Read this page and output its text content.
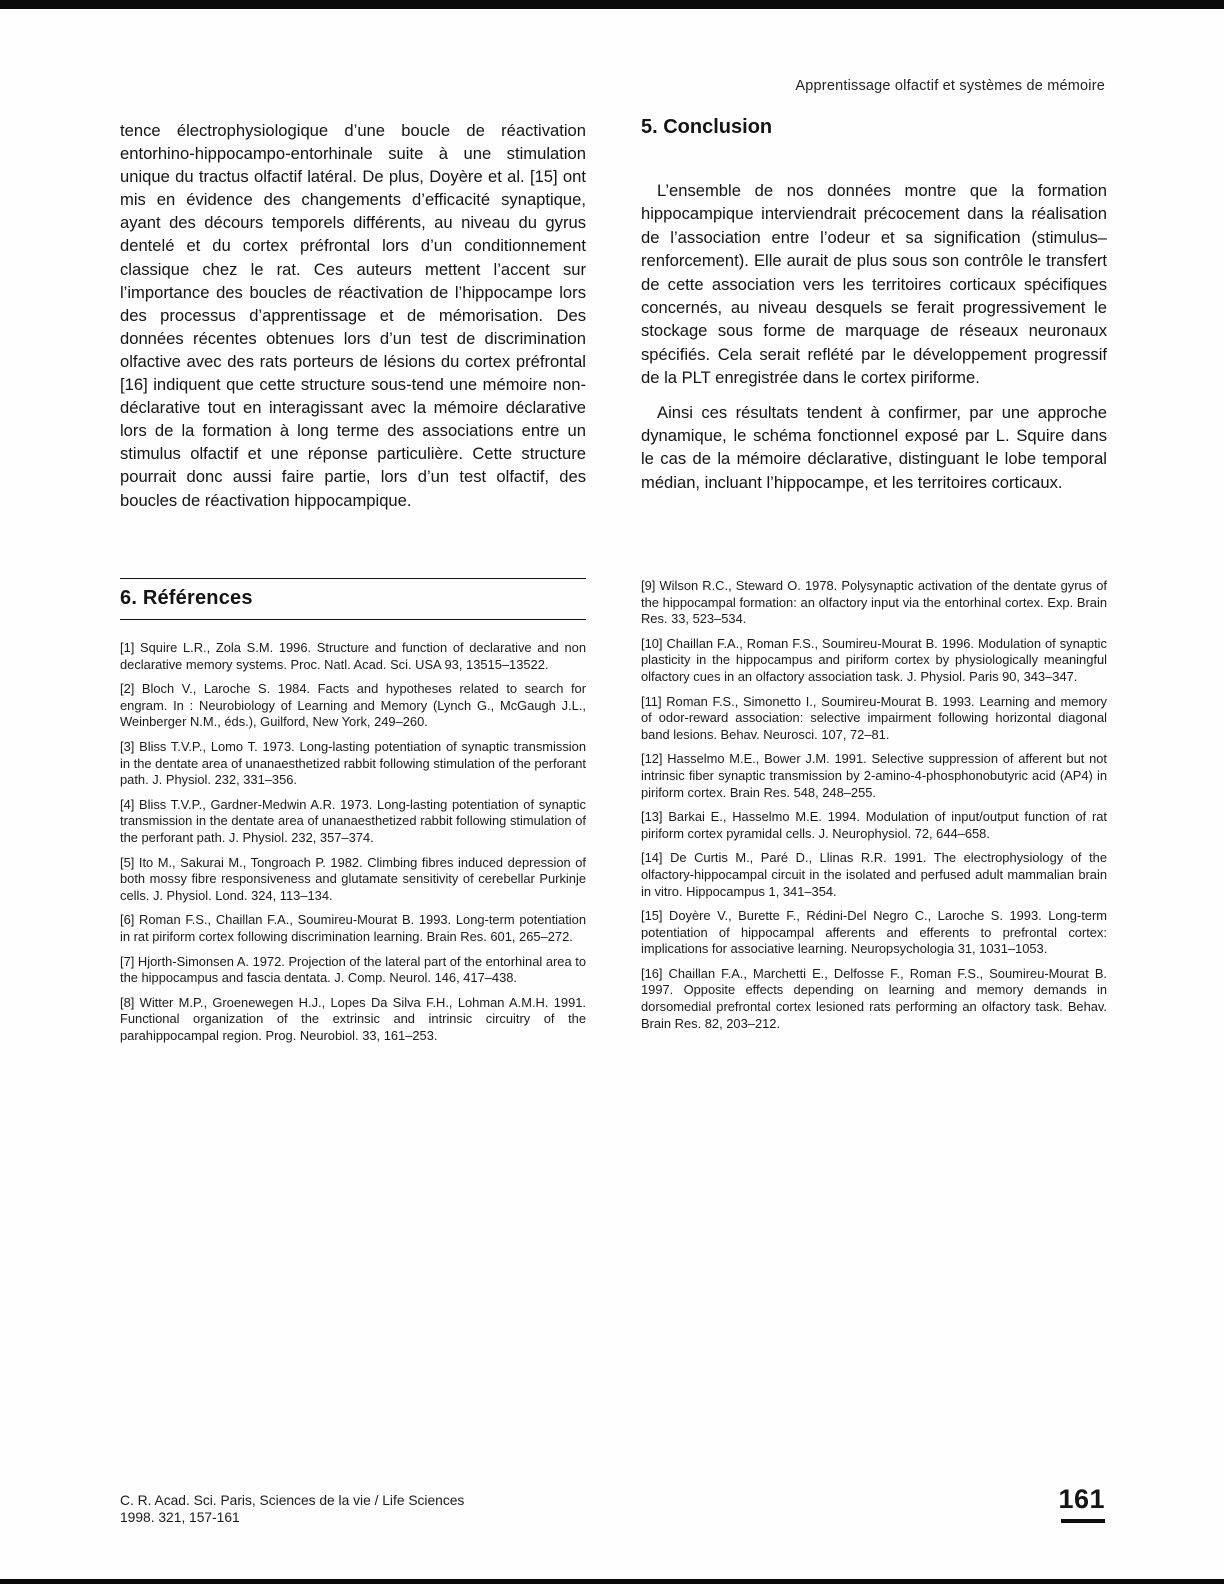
Apprentissage olfactif et systèmes de mémoire

tence électrophysiologique d’une boucle de réactivation entorhino-hippocampo-entorhinale suite à une stimulation unique du tractus olfactif latéral. De plus, Doyère et al. [15] ont mis en évidence des changements d’efficacité synaptique, ayant des décours temporels différents, au niveau du gyrus dentelé et du cortex préfrontal lors d’un conditionnement classique chez le rat. Ces auteurs mettent l’accent sur l’importance des boucles de réactivation de l’hippocampe lors des processus d’apprentissage et de mémorisation. Des données récentes obtenues lors d’un test de discrimination olfactive avec des rats porteurs de lésions du cortex préfrontal [16] indiquent que cette structure sous-tend une mémoire non-déclarative tout en interagissant avec la mémoire déclarative lors de la formation à long terme des associations entre un stimulus olfactif et une réponse particulière. Cette structure pourrait donc aussi faire partie, lors d’un test olfactif, des boucles de réactivation hippocampique.

6. Références

[1] Squire L.R., Zola S.M. 1996. Structure and function of declarative and non declarative memory systems. Proc. Natl. Acad. Sci. USA 93, 13515–13522.

[2] Bloch V., Laroche S. 1984. Facts and hypotheses related to search for engram. In : Neurobiology of Learning and Memory (Lynch G., McGaugh J.L., Weinberger N.M., éds.), Guilford, New York, 249–260.

[3] Bliss T.V.P., Lomo T. 1973. Long-lasting potentiation of synaptic transmission in the dentate area of unanaesthetized rabbit following stimulation of the perforant path. J. Physiol. 232, 331–356.

[4] Bliss T.V.P., Gardner-Medwin A.R. 1973. Long-lasting potentiation of synaptic transmission in the dentate area of unanaesthetized rabbit following stimulation of the perforant path. J. Physiol. 232, 357–374.

[5] Ito M., Sakurai M., Tongroach P. 1982. Climbing fibres induced depression of both mossy fibre responsiveness and glutamate sensitivity of cerebellar Purkinje cells. J. Physiol. Lond. 324, 113–134.

[6] Roman F.S., Chaillan F.A., Soumireu-Mourat B. 1993. Long-term potentiation in rat piriform cortex following discrimination learning. Brain Res. 601, 265–272.

[7] Hjorth-Simonsen A. 1972. Projection of the lateral part of the entorhinal area to the hippocampus and fascia dentata. J. Comp. Neurol. 146, 417–438.

[8] Witter M.P., Groenewegen H.J., Lopes Da Silva F.H., Lohman A.M.H. 1991. Functional organization of the extrinsic and intrinsic circuitry of the parahippocampal region. Prog. Neurobiol. 33, 161–253.

5. Conclusion

L’ensemble de nos données montre que la formation hippocampique interviendrait précocement dans la réalisation de l’association entre l’odeur et sa signification (stimulus–renforcement). Elle aurait de plus sous son contrôle le transfert de cette association vers les territoires corticaux spécifiques concernés, au niveau desquels se ferait progressivement le stockage sous forme de marquage de réseaux neuronaux spécifiés. Cela serait reflété par le développement progressif de la PLT enregistrée dans le cortex piriforme.

Ainsi ces résultats tendent à confirmer, par une approche dynamique, le schéma fonctionnel exposé par L. Squire dans le cas de la mémoire déclarative, distinguant le lobe temporal médian, incluant l’hippocampe, et les territoires corticaux.

[9] Wilson R.C., Steward O. 1978. Polysynaptic activation of the dentate gyrus of the hippocampal formation: an olfactory input via the entorhinal cortex. Exp. Brain Res. 33, 523–534.

[10] Chaillan F.A., Roman F.S., Soumireu-Mourat B. 1996. Modulation of synaptic plasticity in the hippocampus and piriform cortex by physiologically meaningful olfactory cues in an olfactory association task. J. Physiol. Paris 90, 343–347.

[11] Roman F.S., Simonetto I., Soumireu-Mourat B. 1993. Learning and memory of odor-reward association: selective impairment following horizontal diagonal band lesions. Behav. Neurosci. 107, 72–81.

[12] Hasselmo M.E., Bower J.M. 1991. Selective suppression of afferent but not intrinsic fiber synaptic transmission by 2-amino-4-phosphonobutyric acid (AP4) in piriform cortex. Brain Res. 548, 248–255.

[13] Barkai E., Hasselmo M.E. 1994. Modulation of input/output function of rat piriform cortex pyramidal cells. J. Neurophysiol. 72, 644–658.

[14] De Curtis M., Paré D., Llinas R.R. 1991. The electrophysiology of the olfactory-hippocampal circuit in the isolated and perfused adult mammalian brain in vitro. Hippocampus 1, 341–354.

[15] Doyère V., Burette F., Rédini-Del Negro C., Laroche S. 1993. Long-term potentiation of hippocampal afferents and efferents to prefrontal cortex: implications for associative learning. Neuropsychologia 31, 1031–1053.

[16] Chaillan F.A., Marchetti E., Delfosse F., Roman F.S., Soumireu-Mourat B. 1997. Opposite effects depending on learning and memory demands in dorsomedial prefrontal cortex lesioned rats performing an olfactory task. Behav. Brain Res. 82, 203–212.

C. R. Acad. Sci. Paris, Sciences de la vie / Life Sciences
1998. 321, 157-161
161
